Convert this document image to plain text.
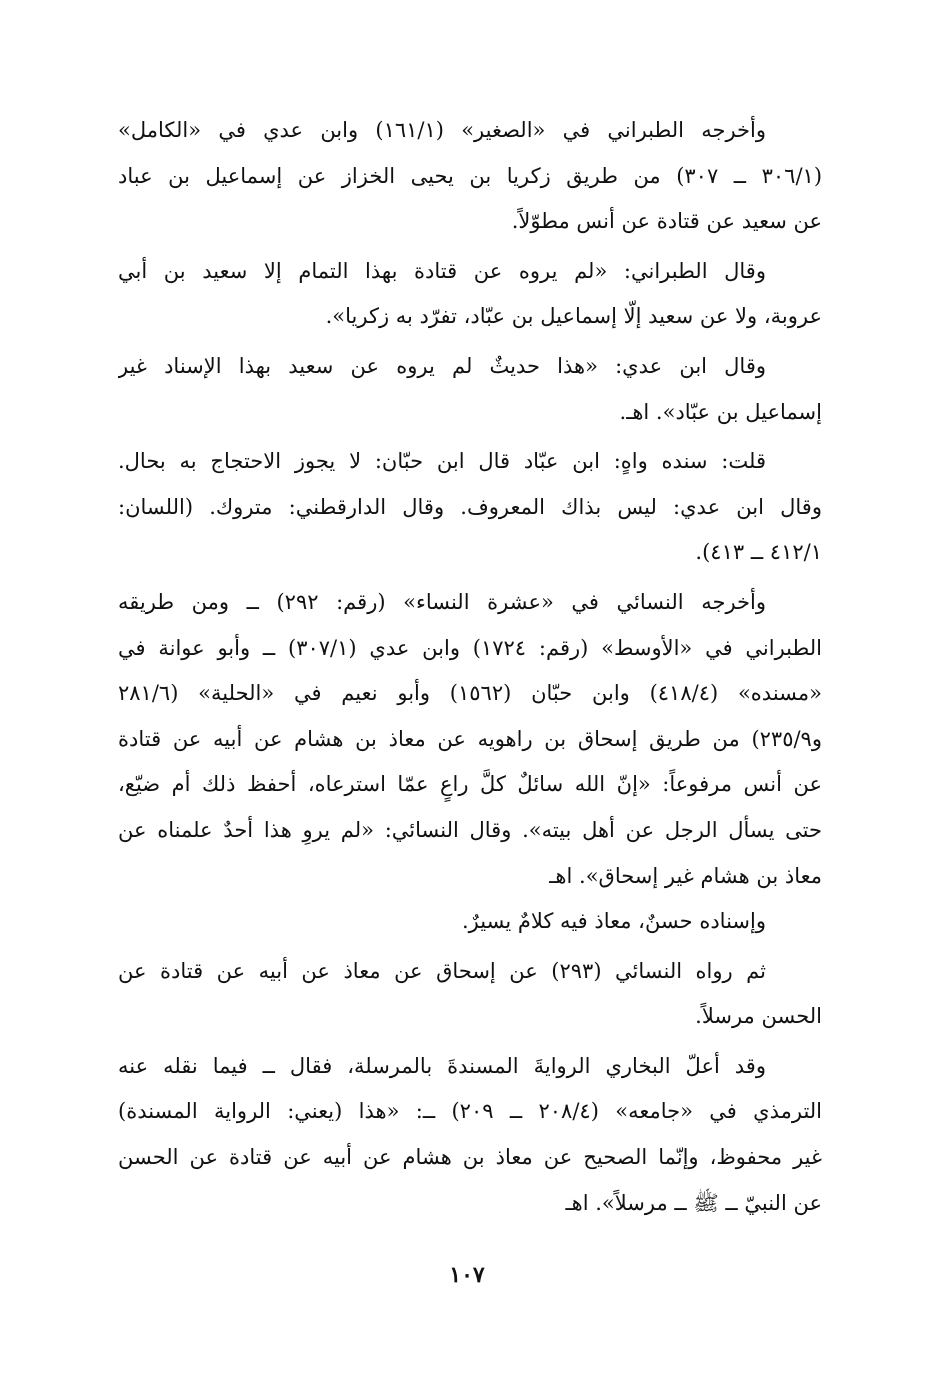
وأخرجه الطبراني في «الصغير» (١٦١/١) وابن عدي في «الكامل»
(٣٠٦/١ ــ ٣٠٧) من طريق زكريا بن يحيى الخزاز عن إسماعيل بن عباد
عن سعيد عن قتادة عن أنس مطوّلاً.
وقال الطبراني: «لم يروه عن قتادة بهذا التمام إلا سعيد بن أبي
عروبة، ولا عن سعيد إلّا إسماعيل بن عبّاد، تفرّد به زكريا».
وقال ابن عدي: «هذا حديثٌ لم يروه عن سعيد بهذا الإسناد غير
إسماعيل بن عبّاد». اهـ.
قلت: سنده واهٍ: ابن عبّاد قال ابن حبّان: لا يجوز الاحتجاج به بحال.
وقال ابن عدي: ليس بذاك المعروف. وقال الدارقطني: متروك. (اللسان:
٤١٢/١ ــ ٤١٣).
وأخرجه النسائي في «عشرة النساء» (رقم: ٢٩٢) ــ ومن طريقه
الطبراني في «الأوسط» (رقم: ١٧٢٤) وابن عدي (٣٠٧/١) ــ وأبو عوانة في
«مسنده» (٤١٨/٤) وابن حبّان (١٥٦٢) وأبو نعيم في «الحلية» (٢٨١/٦
و٢٣٥/٩) من طريق إسحاق بن راهويه عن معاذ بن هشام عن أبيه عن قتادة
عن أنس مرفوعاً: «إنّ الله سائلٌ كلَّ راعٍ عمّا استرعاه، أحفظ ذلك أم ضيّع،
حتى يسأل الرجل عن أهل بيته». وقال النسائي: «لم يروِ هذا أحدٌ علمناه عن
معاذ بن هشام غير إسحاق». اهـ
وإسناده حسنٌ، معاذ فيه كلامٌ يسيرٌ.
ثم رواه النسائي (٢٩٣) عن إسحاق عن معاذ عن أبيه عن قتادة عن
الحسن مرسلاً.
وقد أعلّ البخاري الروايةَ المسندةَ بالمرسلة، فقال ــ فيما نقله عنه
الترمذي في «جامعه» (٢٠٨/٤ ــ ٢٠٩) ــ: «هذا (يعني: الرواية المسندة)
غير محفوظ، وإنّما الصحيح عن معاذ بن هشام عن أبيه عن قتادة عن الحسن
عن النبيّ ــ ﷺ ــ مرسلاً». اهـ
١٠٧
